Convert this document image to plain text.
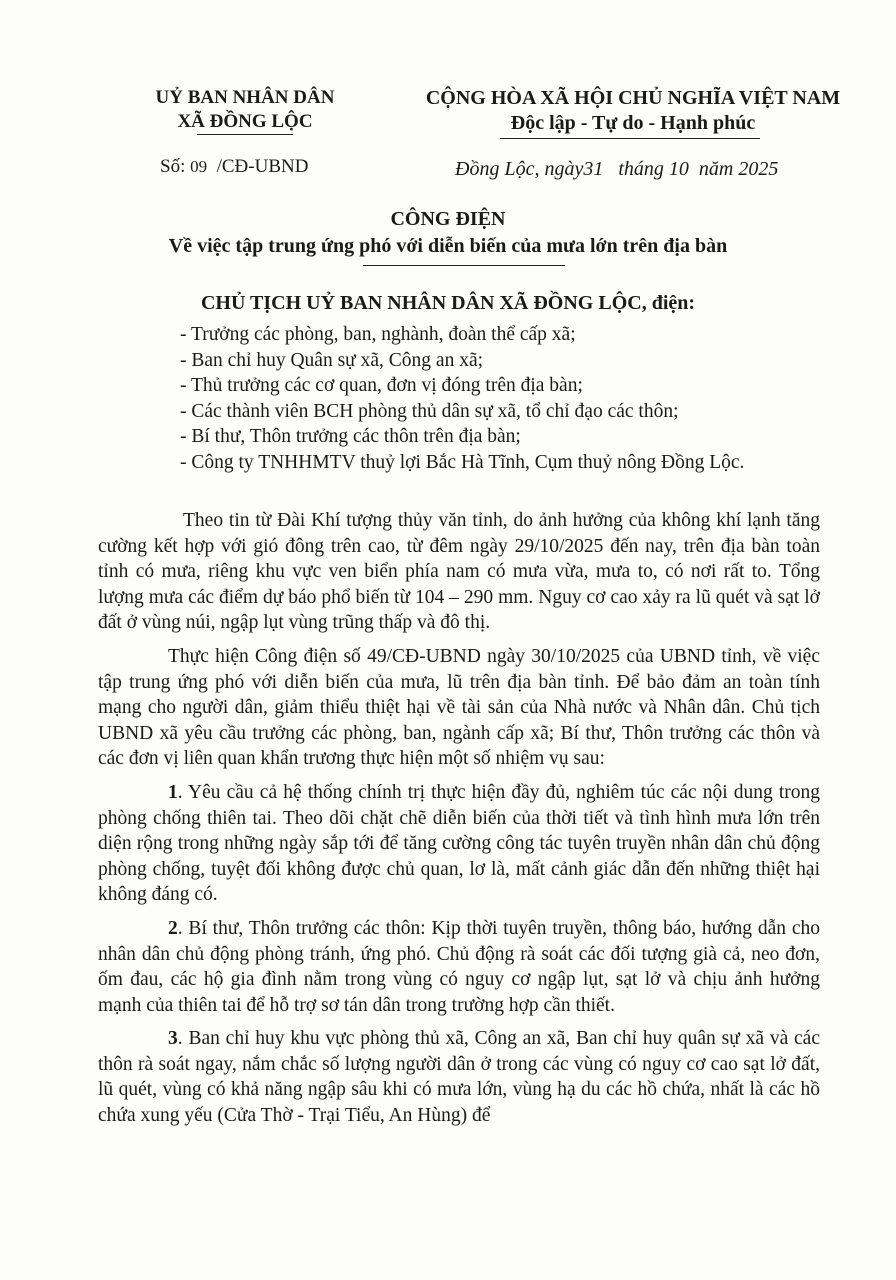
UỶ BAN NHÂN DÂN
XÃ ĐỒNG LỘC
CỘNG HÒA XÃ HỘI CHỦ NGHĨA VIỆT NAM
Độc lập - Tự do - Hạnh phúc
Số: 09  /CĐ-UBND	Đồng Lộc, ngày31   tháng 10  năm 2025
CÔNG ĐIỆN
Về việc tập trung ứng phó với diễn biến của mưa lớn trên địa bàn
CHỦ TỊCH UỶ BAN NHÂN DÂN XÃ ĐỒNG LỘC, điện:
- Trưởng các phòng, ban, nghành, đoàn thể cấp xã;
- Ban chỉ huy Quân sự xã, Công an xã;
- Thủ trưởng các cơ quan, đơn vị đóng trên địa bàn;
- Các thành viên BCH phòng thủ dân sự xã, tổ chỉ đạo các thôn;
- Bí thư, Thôn trưởng các thôn trên địa bàn;
- Công ty TNHHMTV thuỷ lợi Bắc Hà Tĩnh, Cụm thuỷ nông Đồng Lộc.

Theo tin từ Đài Khí tượng thủy văn tỉnh, do ảnh hưởng của không khí lạnh tăng cường kết hợp với gió đông trên cao, từ đêm ngày 29/10/2025 đến nay, trên địa bàn toàn tỉnh có mưa, riêng khu vực ven biển phía nam có mưa vừa, mưa to, có nơi rất to. Tổng lượng mưa các điểm dự báo phổ biến từ 104 – 290 mm. Nguy cơ cao xảy ra lũ quét và sạt lở đất ở vùng núi, ngập lụt vùng trũng thấp và đô thị.

Thực hiện Công điện số 49/CĐ-UBND ngày 30/10/2025 của UBND tỉnh, về việc tập trung ứng phó với diễn biến của mưa, lũ trên địa bàn tỉnh. Để bảo đảm an toàn tính mạng cho người dân, giảm thiểu thiệt hại về tài sản của Nhà nước và Nhân dân. Chủ tịch UBND xã yêu cầu trưởng các phòng, ban, ngành cấp xã; Bí thư, Thôn trưởng các thôn và các đơn vị liên quan khẩn trương thực hiện một số nhiệm vụ sau:

1. Yêu cầu cả hệ thống chính trị thực hiện đầy đủ, nghiêm túc các nội dung trong phòng chống thiên tai. Theo dõi chặt chẽ diễn biến của thời tiết và tình hình mưa lớn trên diện rộng trong những ngày sắp tới để tăng cường công tác tuyên truyền nhân dân chủ động phòng chống, tuyệt đối không được chủ quan, lơ là, mất cảnh giác dẫn đến những thiệt hại không đáng có.

2. Bí thư, Thôn trưởng các thôn: Kịp thời tuyên truyền, thông báo, hướng dẫn cho nhân dân chủ động phòng tránh, ứng phó. Chủ động rà soát các đối tượng già cả, neo đơn, ốm đau, các hộ gia đình nằm trong vùng có nguy cơ ngập lụt, sạt lở và chịu ảnh hưởng mạnh của thiên tai để hỗ trợ sơ tán dân trong trường hợp cần thiết.

3. Ban chỉ huy khu vực phòng thủ xã, Công an xã, Ban chỉ huy quân sự xã và các thôn rà soát ngay, nắm chắc số lượng người dân ở trong các vùng có nguy cơ cao sạt lở đất, lũ quét, vùng có khả năng ngập sâu khi có mưa lớn, vùng hạ du các hồ chứa, nhất là các hồ chứa xung yếu (Cửa Thờ - Trại Tiểu, An Hùng) để
